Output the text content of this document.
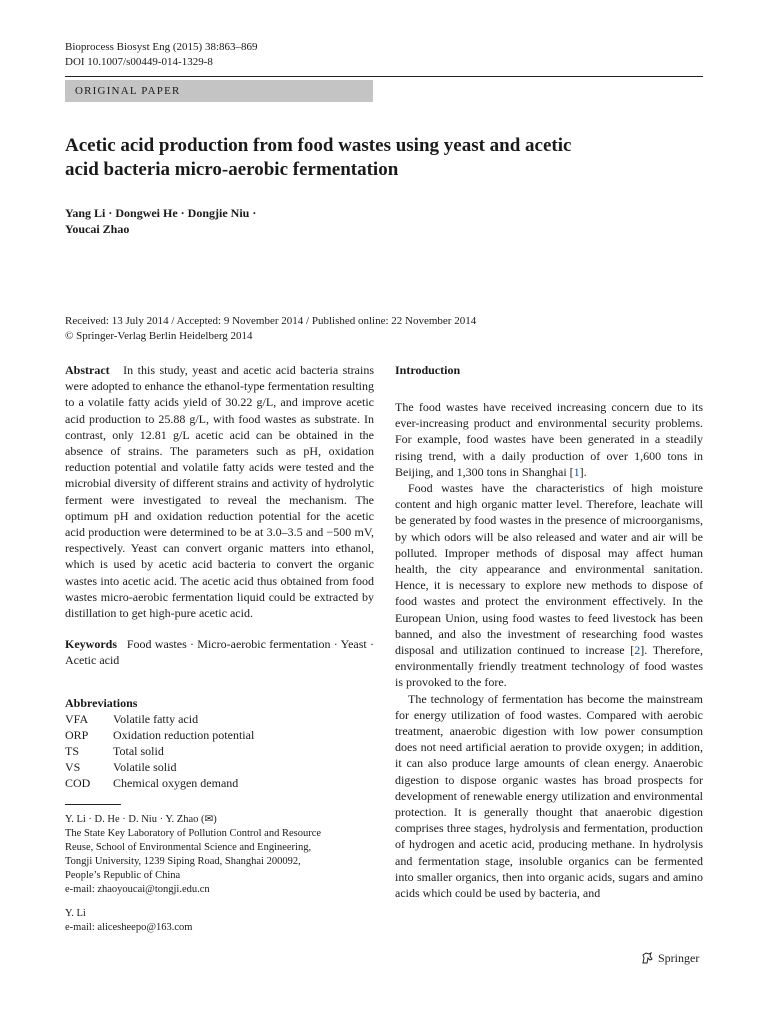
Bioprocess Biosyst Eng (2015) 38:863–869
DOI 10.1007/s00449-014-1329-8
ORIGINAL PAPER
Acetic acid production from food wastes using yeast and acetic
acid bacteria micro-aerobic fermentation
Yang Li · Dongwei He · Dongjie Niu ·
Youcai Zhao
Received: 13 July 2014 / Accepted: 9 November 2014 / Published online: 22 November 2014
© Springer-Verlag Berlin Heidelberg 2014

Abstract In this study, yeast and acetic acid bacteria strains were adopted to enhance the ethanol-type fermentation resulting to a volatile fatty acids yield of 30.22 g/L, and improve acetic acid production to 25.88 g/L, with food wastes as substrate. In contrast, only 12.81 g/L acetic acid can be obtained in the absence of strains. The parameters such as pH, oxidation reduction potential and volatile fatty acids were tested and the microbial diversity of different strains and activity of hydrolytic ferment were investigated to reveal the mechanism. The optimum pH and oxidation reduction potential for the acetic acid production were determined to be at 3.0–3.5 and −500 mV, respectively. Yeast can convert organic matters into ethanol, which is used by acetic acid bacteria to convert the organic wastes into acetic acid. The acetic acid thus obtained from food wastes micro-aerobic fermentation liquid could be extracted by distillation to get high-pure acetic acid.

Keywords Food wastes · Micro-aerobic fermentation · Yeast · Acetic acid

Abbreviations
VFA	Volatile fatty acid
ORP	Oxidation reduction potential
TS	Total solid
VS	Volatile solid
COD	Chemical oxygen demand
Y. Li · D. He · D. Niu · Y. Zhao (✉)
The State Key Laboratory of Pollution Control and Resource
Reuse, School of Environmental Science and Engineering,
Tongji University, 1239 Siping Road, Shanghai 200092,
People’s Republic of China
e-mail: zhaoyoucai@tongji.edu.cn
Y. Li
e-mail: alicesheepo@163.com
Introduction

The food wastes have received increasing concern due to its ever-increasing product and environmental security problems. For example, food wastes have been generated in a steadily rising trend, with a daily production of over 1,600 tons in Beijing, and 1,300 tons in Shanghai [1].

Food wastes have the characteristics of high moisture content and high organic matter level. Therefore, leachate will be generated by food wastes in the presence of microorganisms, by which odors will be also released and water and air will be polluted. Improper methods of disposal may affect human health, the city appearance and environmental sanitation. Hence, it is necessary to explore new methods to dispose of food wastes and protect the environment effectively. In the European Union, using food wastes to feed livestock has been banned, and also the investment of researching food wastes disposal and utilization continued to increase [2]. Therefore, environmentally friendly treatment technology of food wastes is provoked to the fore.

The technology of fermentation has become the mainstream for energy utilization of food wastes. Compared with aerobic treatment, anaerobic digestion with low power consumption does not need artificial aeration to provide oxygen; in addition, it can also produce large amounts of clean energy. Anaerobic digestion to dispose organic wastes has broad prospects for development of renewable energy utilization and environmental protection. It is generally thought that anaerobic digestion comprises three stages, hydrolysis and fermentation, production of hydrogen and acetic acid, producing methane. In hydrolysis and fermentation stage, insoluble organics can be fermented into smaller organics, then into organic acids, sugars and amino acids which could be used by bacteria, and

Springer
